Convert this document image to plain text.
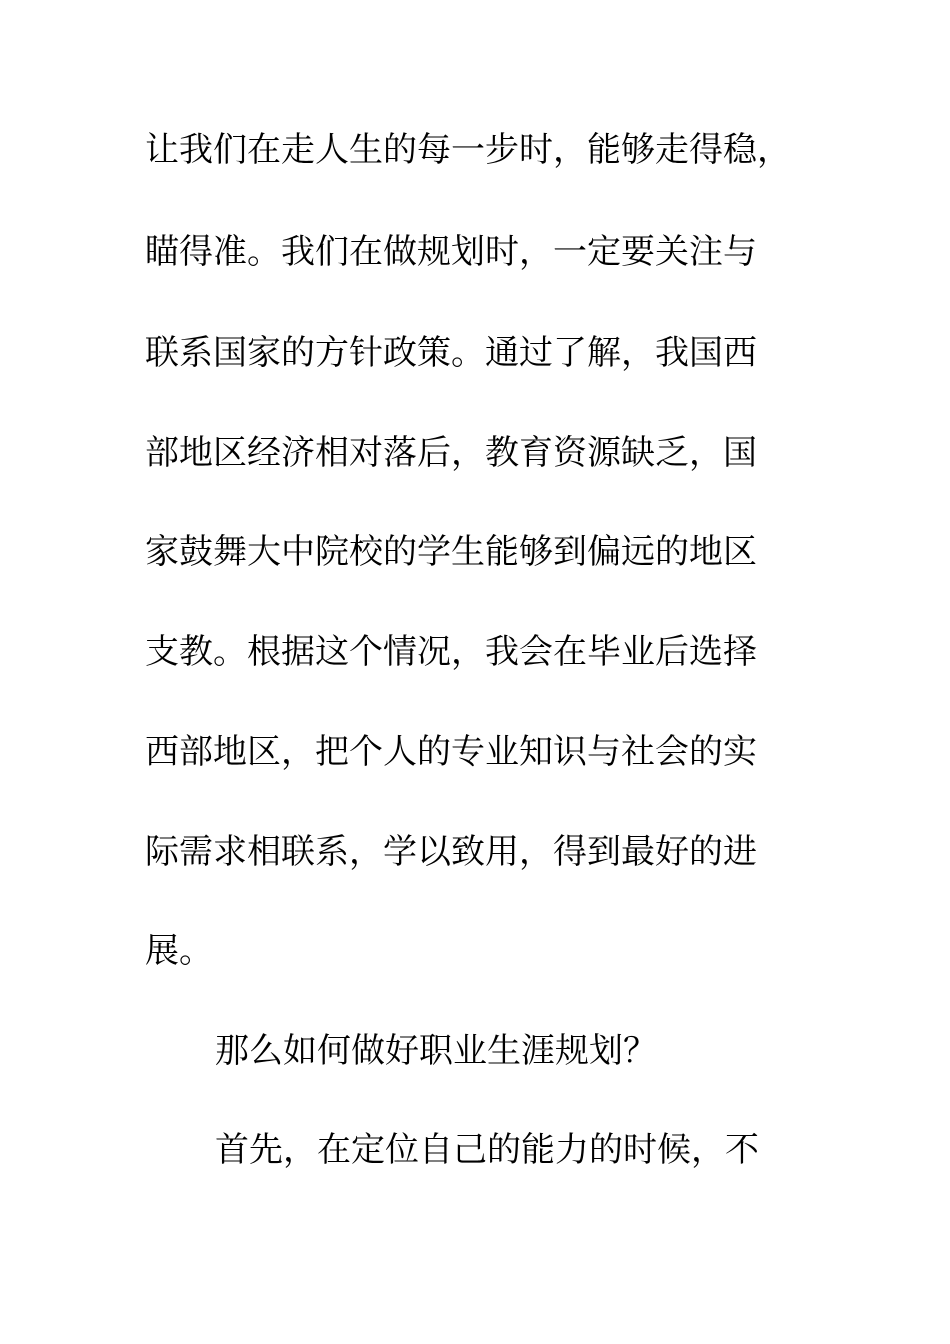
让我们在走人生的每一步时，能够走得稳，
瞄得准。我们在做规划时，一定要关注与
联系国家的方针政策。通过了解，我国西
部地区经济相对落后，教育资源缺乏，国
家鼓舞大中院校的学生能够到偏远的地区
支教。根据这个情况，我会在毕业后选择
西部地区，把个人的专业知识与社会的实
际需求相联系，学以致用，得到最好的进
展。
那么如何做好职业生涯规划？
首先，在定位自己的能力的时候，不
